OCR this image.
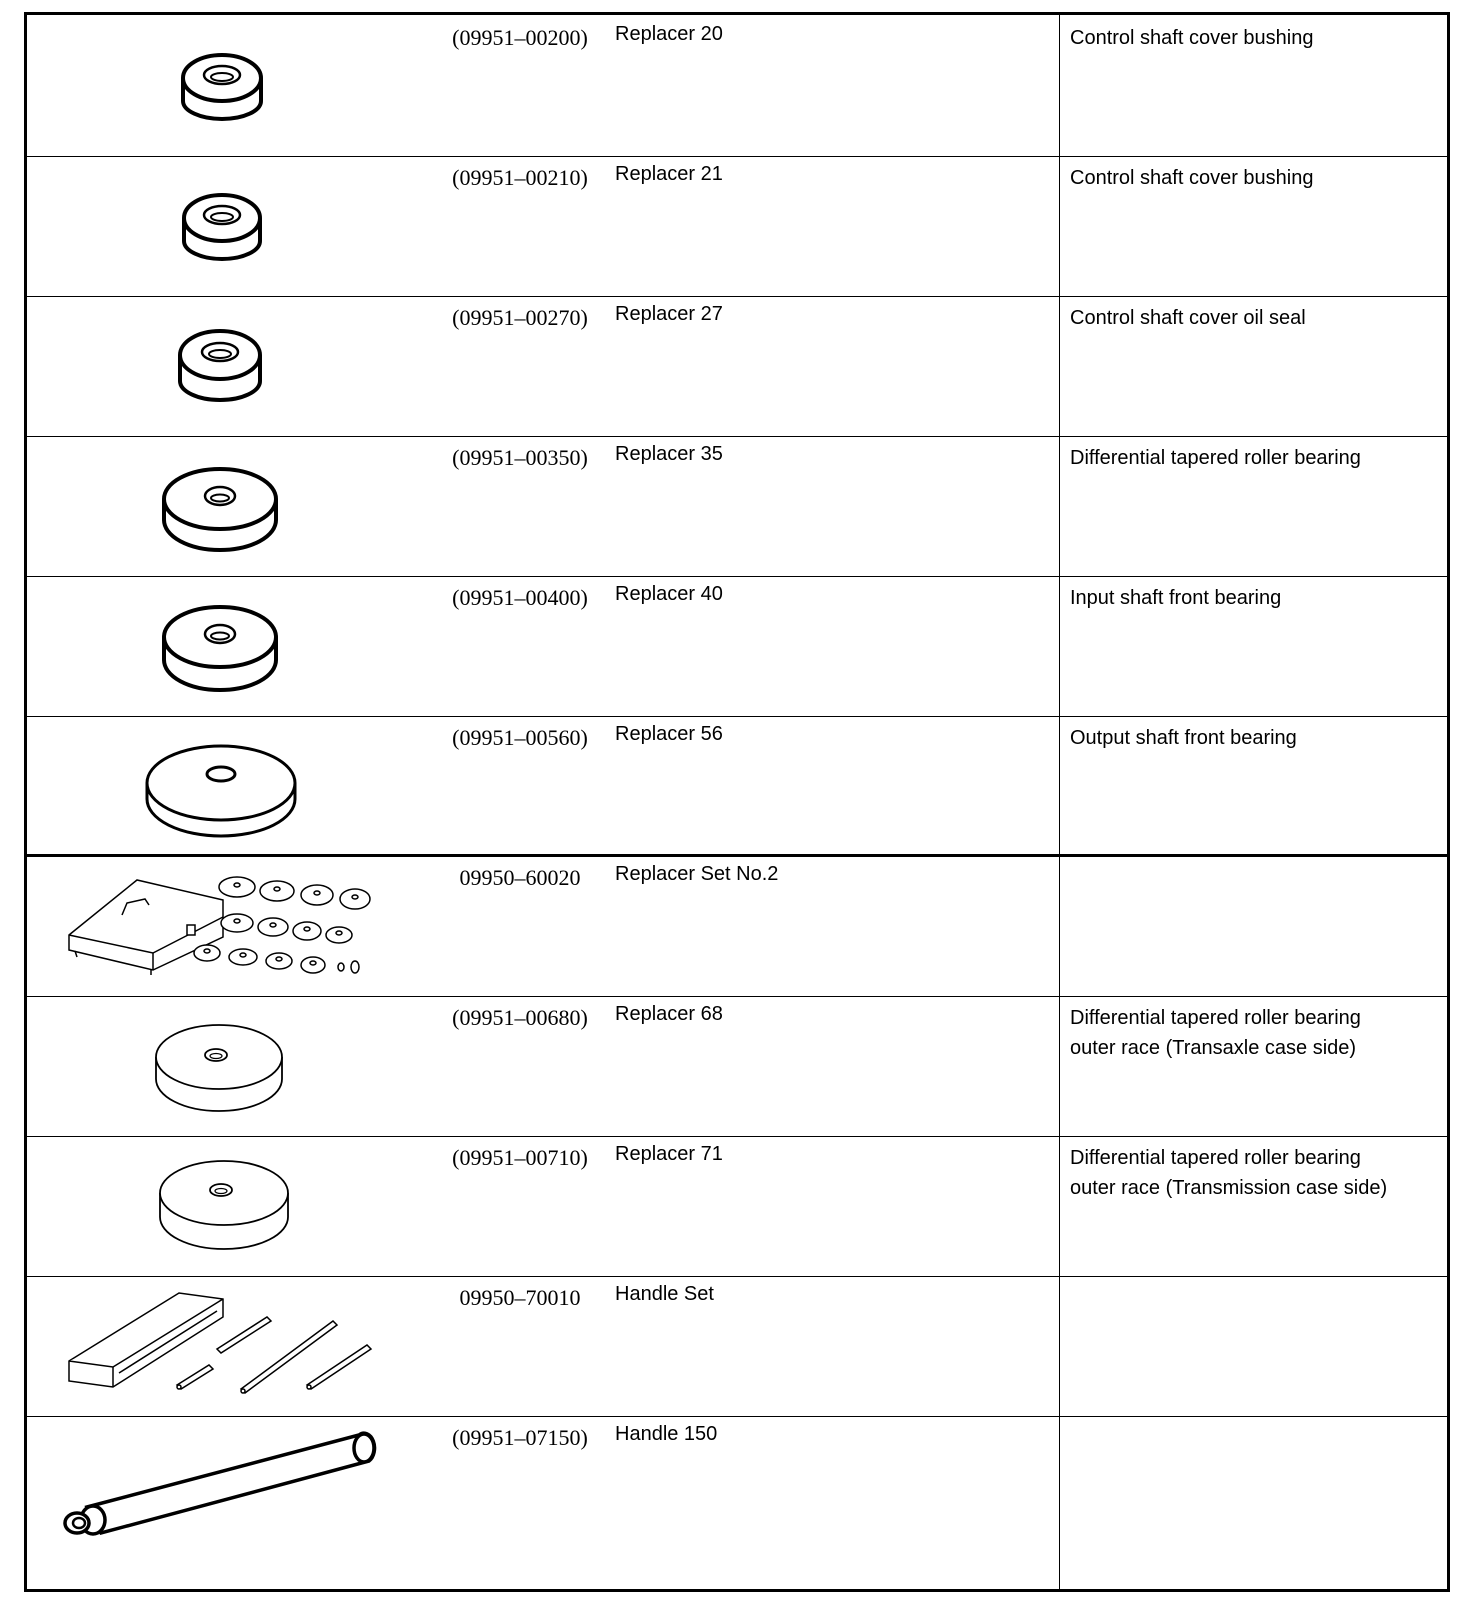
(09951–00200)	Replacer 20	Control shaft cover bushing
(09951–00210)	Replacer 21	Control shaft cover bushing
(09951–00270)	Replacer 27	Control shaft cover oil seal
(09951–00350)	Replacer 35	Differential tapered roller bearing
(09951–00400)	Replacer 40	Input shaft front bearing
(09951–00560)	Replacer 56	Output shaft front bearing
09950–60020	Replacer Set No.2
(09951–00680)	Replacer 68	Differential tapered roller bearing
outer race (Transaxle case side)
(09951–00710)	Replacer 71	Differential tapered roller bearing
outer race (Transmission case side)
09950–70010	Handle Set
(09951–07150)	Handle 150
